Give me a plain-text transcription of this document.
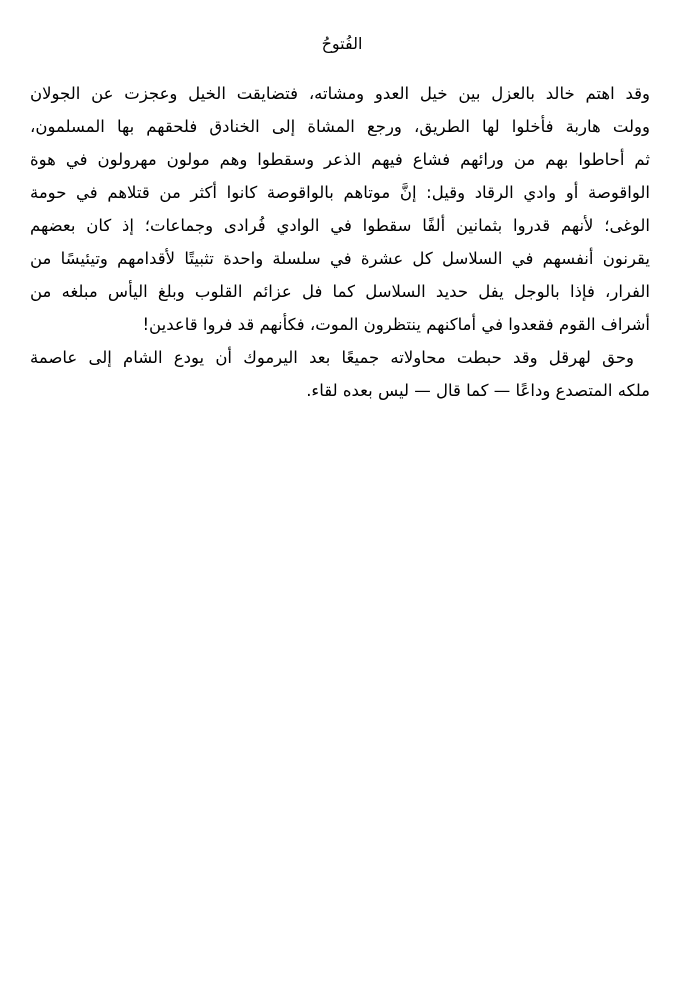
الفُتوحُ
وقد اهتم خالد بالعزل بين خيل العدو ومشاته، فتضايقت الخيل وعجزت عن الجولان
وولت هاربة فأخلوا لها الطريق، ورجع المشاة إلى الخنادق فلحقهم بها المسلمون،
ثم أحاطوا بهم من ورائهم فشاع فيهم الذعر وسقطوا وهم مولون مهرولون في هوة
الواقوصة أو وادي الرقاد وقيل: إنَّ موتاهم بالواقوصة كانوا أكثر من قتلاهم في حومة
الوغى؛ لأنهم قدروا بثمانين ألفًا سقطوا في الوادي فُرادى وجماعات؛ إذ كان بعضهم
يقرنون أنفسهم في السلاسل كل عشرة في سلسلة واحدة تثبيتًا لأقدامهم وتيئيسًا من
الفرار، فإذا بالوجل يفل حديد السلاسل كما فل عزائم القلوب وبلغ اليأس مبلغه من
أشراف القوم فقعدوا في أماكنهم ينتظرون الموت، فكأنهم قد فروا قاعدين!
وحق لهرقل وقد حبطت محاولاته جميعًا بعد اليرموك أن يودع الشام إلى عاصمة
ملكه المتصدع وداعًا — كما قال — ليس بعده لقاء.
